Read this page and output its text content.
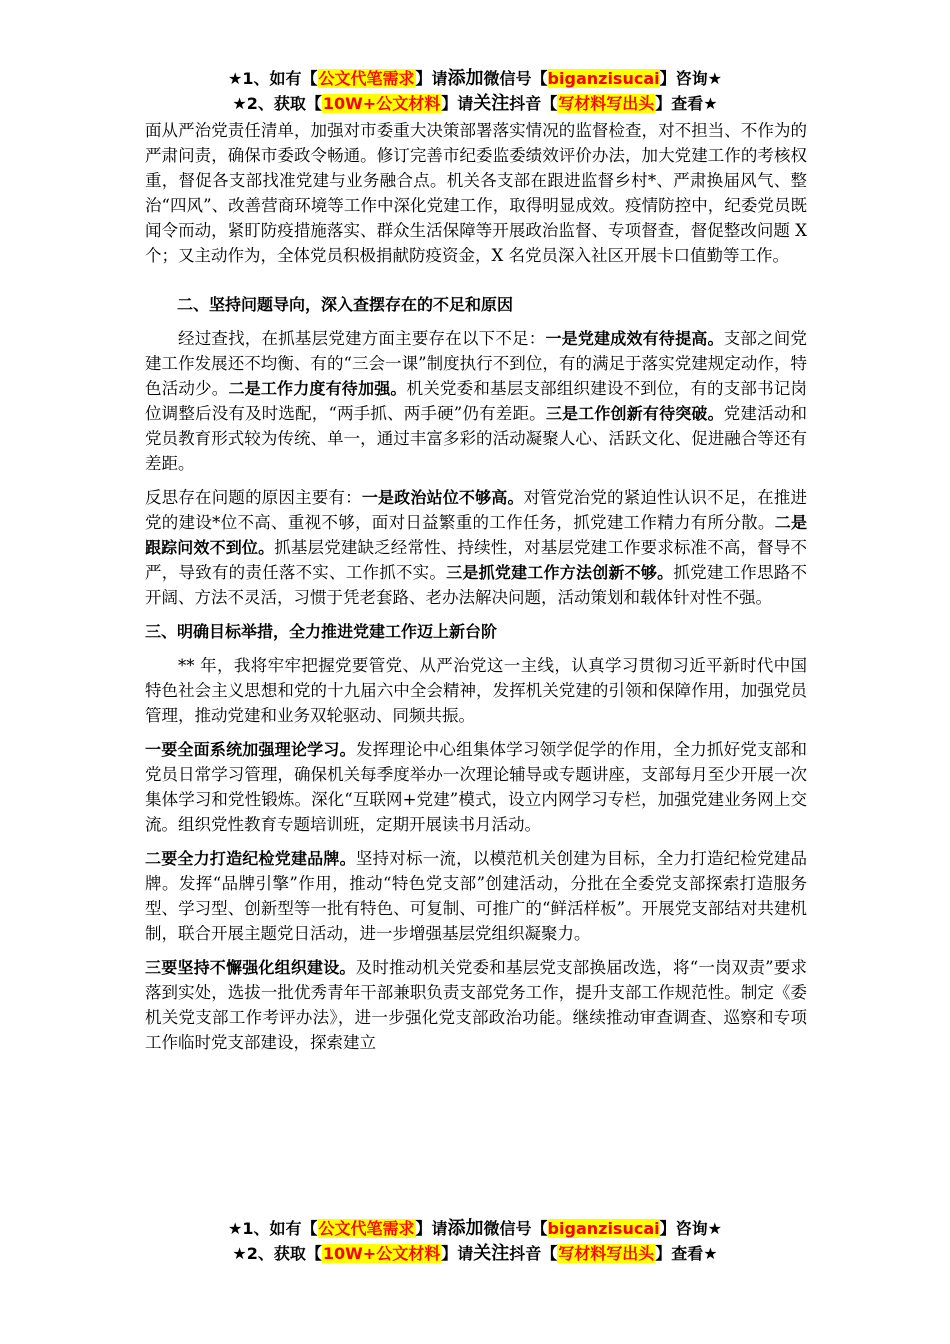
★1、如有【公文代笔需求】请添加微信号【biganzisucai】咨询★
★2、获取【10W+公文材料】请关注抖音【写材料写出头】查看★

面从严治党责任清单，加强对市委重大决策部署落实情况的监督检查，对不担当、不作为的严肃问责，确保市委政令畅通。修订完善市纪委监委绩效评价办法，加大党建工作的考核权重，督促各支部找准党建与业务融合点。机关各支部在跟进监督乡村*、严肃换届风气、整治“四风”、改善营商环境等工作中深化党建工作，取得明显成效。疫情防控中，纪委党员既闻令而动，紧盯防疫措施落实、群众生活保障等开展政治监督、专项督查，督促整改问题 X 个；又主动作为，全体党员积极捐献防疫资金，X 名党员深入社区开展卡口值勤等工作。

二、坚持问题导向，深入查摆存在的不足和原因

经过查找，在抓基层党建方面主要存在以下不足：一是党建成效有待提高。支部之间党建工作发展还不均衡、有的“三会一课”制度执行不到位，有的满足于落实党建规定动作，特色活动少。二是工作力度有待加强。机关党委和基层支部组织建设不到位，有的支部书记岗位调整后没有及时选配，“两手抓、两手硬”仍有差距。三是工作创新有待突破。党建活动和党员教育形式较为传统、单一，通过丰富多彩的活动凝聚人心、活跃文化、促进融合等还有差距。

反思存在问题的原因主要有：一是政治站位不够高。对管党治党的紧迫性认识不足，在推进党的建设*位不高、重视不够，面对日益繁重的工作任务，抓党建工作精力有所分散。二是跟踪问效不到位。抓基层党建缺乏经常性、持续性，对基层党建工作要求标准不高，督导不严，导致有的责任落不实、工作抓不实。三是抓党建工作方法创新不够。抓党建工作思路不开阔、方法不灵活，习惯于凭老套路、老办法解决问题，活动策划和载体针对性不强。

三、明确目标举措，全力推进党建工作迈上新台阶

** 年，我将牢牢把握党要管党、从严治党这一主线，认真学习贯彻习近平新时代中国特色社会主义思想和党的十九届六中全会精神，发挥机关党建的引领和保障作用，加强党员管理，推动党建和业务双轮驱动、同频共振。

一要全面系统加强理论学习。发挥理论中心组集体学习领学促学的作用，全力抓好党支部和党员日常学习管理，确保机关每季度举办一次理论辅导或专题讲座，支部每月至少开展一次集体学习和党性锻炼。深化“互联网+党建”模式，设立内网学习专栏，加强党建业务网上交流。组织党性教育专题培训班，定期开展读书月活动。

二要全力打造纪检党建品牌。坚持对标一流，以模范机关创建为目标，全力打造纪检党建品牌。发挥“品牌引擎”作用，推动“特色党支部”创建活动，分批在全委党支部探索打造服务型、学习型、创新型等一批有特色、可复制、可推广的“鲜活样板”。开展党支部结对共建机制，联合开展主题党日活动，进一步增强基层党组织凝聚力。

三要坚持不懈强化组织建设。及时推动机关党委和基层党支部换届改选，将“一岗双责”要求落到实处，选拔一批优秀青年干部兼职负责支部党务工作，提升支部工作规范性。制定《委机关党支部工作考评办法》，进一步强化党支部政治功能。继续推动审查调查、巡察和专项工作临时党支部建设，探索建立

★1、如有【公文代笔需求】请添加微信号【biganzisucai】咨询★
★2、获取【10W+公文材料】请关注抖音【写材料写出头】查看★
